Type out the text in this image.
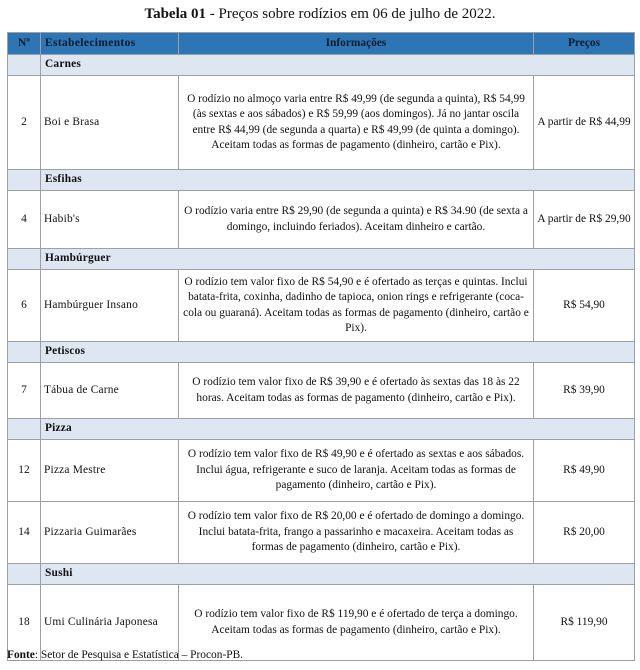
Tabela 01 - Preços sobre rodízios em 06 de julho de 2022.
Nº	Estabelecimentos	Informações	Preços
	Carnes		
2	Boi e Brasa	O rodízio no almoço varia entre R$ 49,99 (de segunda a quinta), R$ 54,99 (às sextas e aos sábados) e R$ 59,99 (aos domingos). Já no jantar oscila entre R$ 44,99 (de segunda a quarta) e R$ 49,99 (de quinta a domingo). Aceitam todas as formas de pagamento (dinheiro, cartão e Pix).	A partir de R$ 44,99
	Esfihas		
4	Habib's	O rodízio varia entre R$ 29,90 (de segunda a quinta) e R$ 34.90 (de sexta a domingo, incluindo feriados). Aceitam dinheiro e cartão.	A partir de R$ 29,90
	Hambúrguer		
6	Hambúrguer Insano	O rodízio tem valor fixo de R$ 54,90 e é ofertado as terças e quintas. Inclui batata-frita, coxinha, dadinho de tapioca, onion rings e refrigerante (coca-cola ou guaraná). Aceitam todas as formas de pagamento (dinheiro, cartão e Pix).	R$ 54,90
	Petiscos		
7	Tábua de Carne	O rodízio tem valor fixo de R$ 39,90 e é ofertado às sextas das 18 às 22 horas. Aceitam todas as formas de pagamento (dinheiro, cartão e Pix).	R$ 39,90
	Pizza		
12	Pizza Mestre	O rodízio tem valor fixo de R$ 49,90 e é ofertado as sextas e aos sábados. Inclui água, refrigerante e suco de laranja. Aceitam todas as formas de pagamento (dinheiro, cartão e Pix).	R$ 49,90
14	Pizzaria Guimarães	O rodízio tem valor fixo de R$ 20,00 e é ofertado de domingo a domingo. Inclui batata-frita, frango a passarinho e macaxeira. Aceitam todas as formas de pagamento (dinheiro, cartão e Pix).	R$ 20,00
	Sushi		
18	Umi Culinária Japonesa	O rodízio tem valor fixo de R$ 119,90 e é ofertado de terça a domingo. Aceitam todas as formas de pagamento (dinheiro, cartão e Pix).	R$ 119,90
Fonte: Setor de Pesquisa e Estatística – Procon-PB.
